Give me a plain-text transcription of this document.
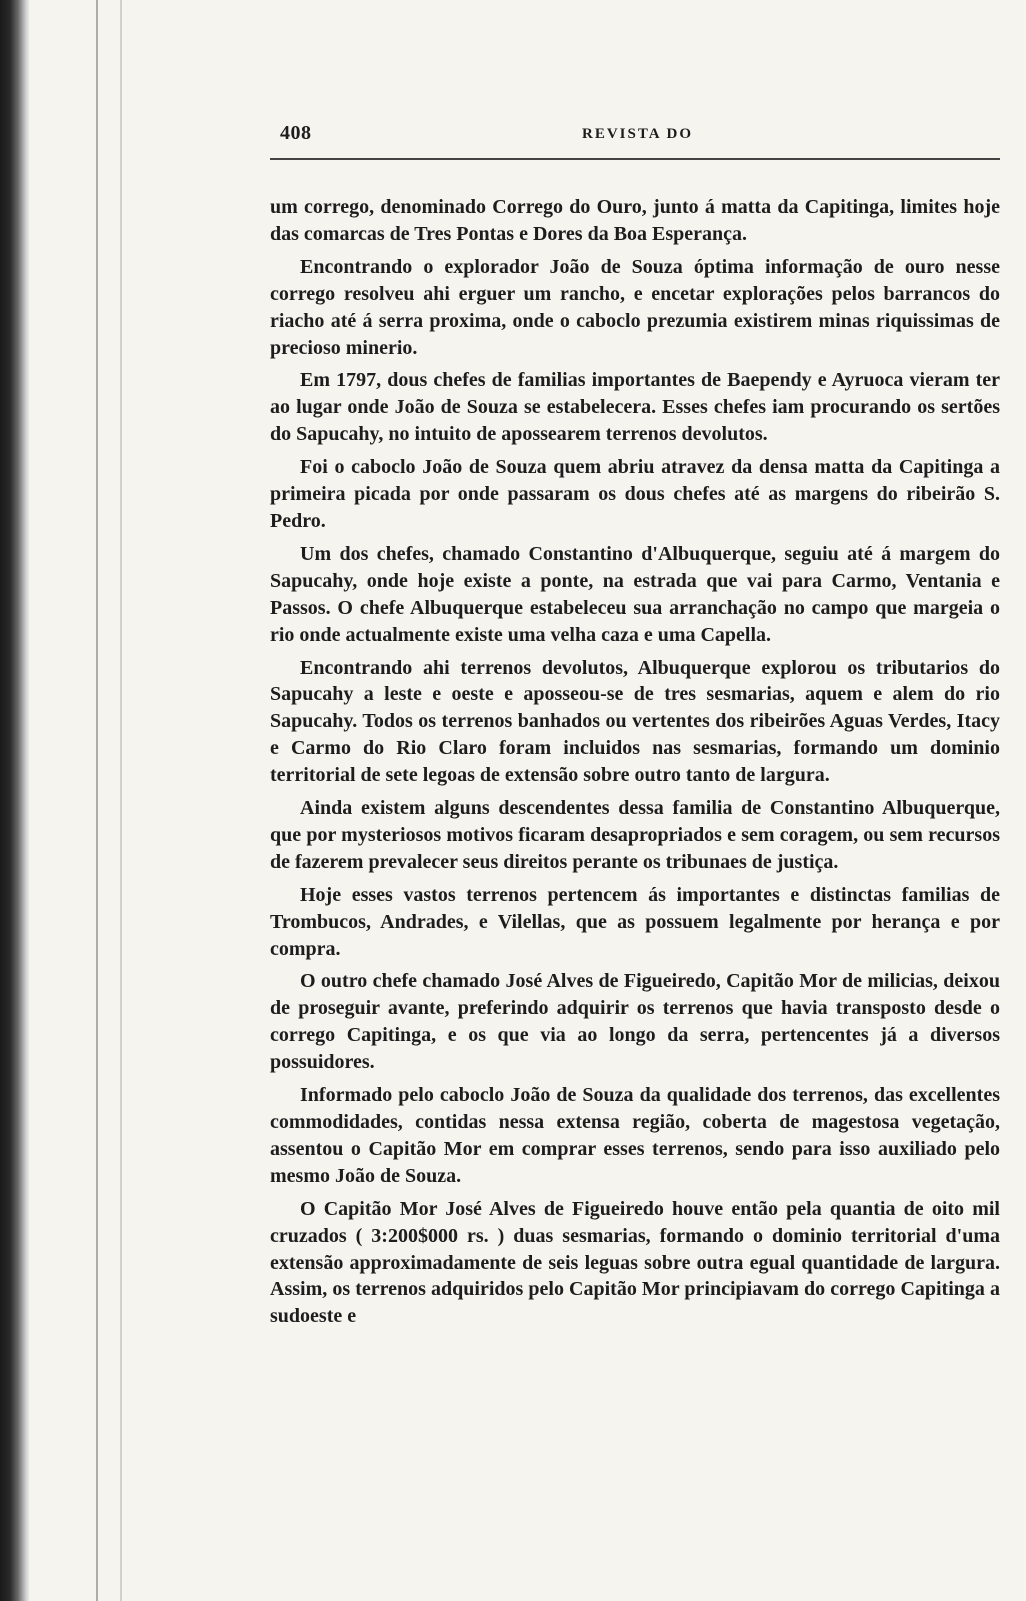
408	REVISTA DO

um corrego, denominado Corrego do Ouro, junto á matta da Capitinga, limites hoje das comarcas de Tres Pontas e Dores da Boa Esperança.

Encontrando o explorador João de Souza óptima informação de ouro nesse corrego resolveu ahi erguer um rancho, e encetar explorações pelos barrancos do riacho até á serra proxima, onde o caboclo prezumia existirem minas riquissimas de precioso minerio.

Em 1797, dous chefes de familias importantes de Baependy e Ayruoca vieram ter ao lugar onde João de Souza se estabelecera. Esses chefes iam procurando os sertões do Sapucahy, no intuito de apossearem terrenos devolutos.

Foi o caboclo João de Souza quem abriu atravez da densa matta da Capitinga a primeira picada por onde passaram os dous chefes até as margens do ribeirão S. Pedro.

Um dos chefes, chamado Constantino d'Albuquerque, seguiu até á margem do Sapucahy, onde hoje existe a ponte, na estrada que vai para Carmo, Ventania e Passos. O chefe Albuquerque estabeleceu sua arranchação no campo que margeia o rio onde actualmente existe uma velha caza e uma Capella.

Encontrando ahi terrenos devolutos, Albuquerque explorou os tributarios do Sapucahy a leste e oeste e aposseou-se de tres sesmarias, aquem e alem do rio Sapucahy. Todos os terrenos banhados ou vertentes dos ribeirões Aguas Verdes, Itacy e Carmo do Rio Claro foram incluidos nas sesmarias, formando um dominio territorial de sete legoas de extensão sobre outro tanto de largura.

Ainda existem alguns descendentes dessa familia de Constantino Albuquerque, que por mysteriosos motivos ficaram desapropriados e sem coragem, ou sem recursos de fazerem prevalecer seus direitos perante os tribunaes de justiça.

Hoje esses vastos terrenos pertencem ás importantes e distinctas familias de Trombucos, Andrades, e Vilellas, que as possuem legalmente por herança e por compra.

O outro chefe chamado José Alves de Figueiredo, Capitão Mor de milicias, deixou de proseguir avante, preferindo adquirir os terrenos que havia transposto desde o corrego Capitinga, e os que via ao longo da serra, pertencentes já a diversos possuidores.

Informado pelo caboclo João de Souza da qualidade dos terrenos, das excellentes commodidades, contidas nessa extensa região, coberta de magestosa vegetação, assentou o Capitão Mor em comprar esses terrenos, sendo para isso auxiliado pelo mesmo João de Souza.

O Capitão Mor José Alves de Figueiredo houve então pela quantia de oito mil cruzados ( 3:200$000 rs. ) duas sesmarias, formando o dominio territorial d'uma extensão approximadamente de seis leguas sobre outra egual quantidade de largura. Assim, os terrenos adquiridos pelo Capitão Mor principiavam do corrego Capitinga a sudoeste e
